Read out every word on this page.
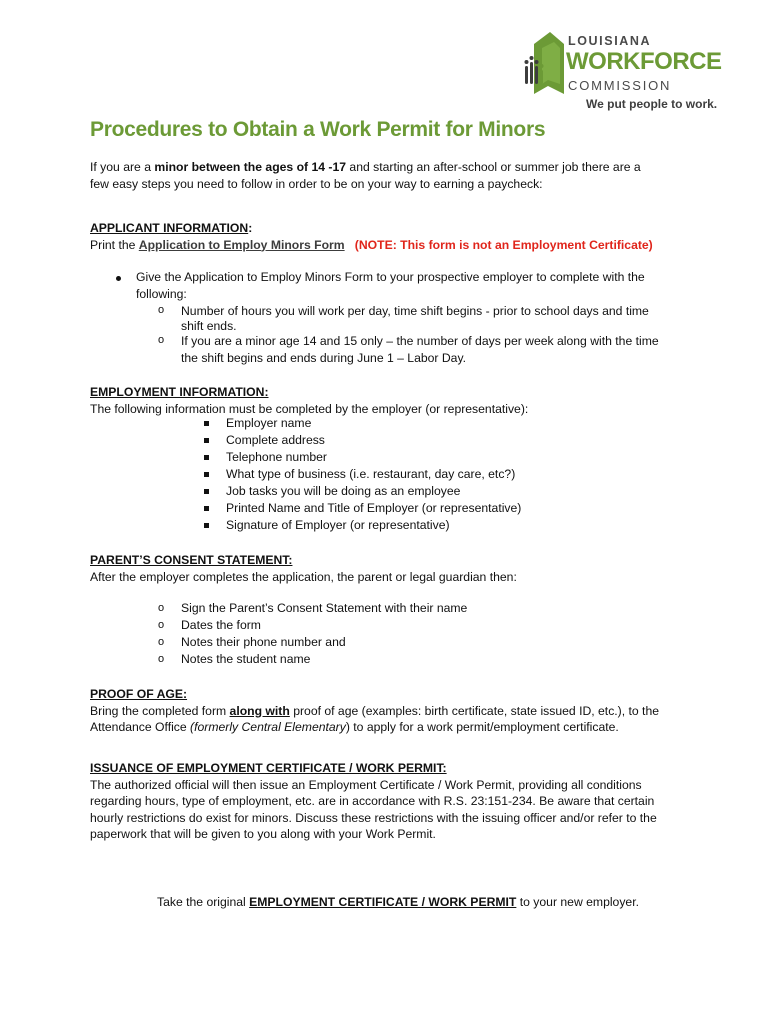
LOUISIANA
WORKFORCE
COMMISSION
We put people to work.
Procedures to Obtain a Work Permit for Minors
If you are a minor between the ages of 14 -17 and starting an after-school or summer job there are a
few easy steps you need to follow in order to be on your way to earning a paycheck:
APPLICANT INFORMATION:
Print the Application to Employ Minors Form (NOTE: This form is not an Employment Certificate)
Give the Application to Employ Minors Form to your prospective employer to complete with the
following:
o Number of hours you will work per day, time shift begins - prior to school days and time
shift ends.
o If you are a minor age 14 and 15 only – the number of days per week along with the time
the shift begins and ends during June 1 – Labor Day.
EMPLOYMENT INFORMATION:
The following information must be completed by the employer (or representative):
Employer name
Complete address
Telephone number
What type of business (i.e. restaurant, day care, etc?)
Job tasks you will be doing as an employee
Printed Name and Title of Employer (or representative)
Signature of Employer (or representative)
PARENT’S CONSENT STATEMENT:
After the employer completes the application, the parent or legal guardian then:
o Sign the Parent’s Consent Statement with their name
o Dates the form
o Notes their phone number and
o Notes the student name
PROOF OF AGE:
Bring the completed form along with proof of age (examples: birth certificate, state issued ID, etc.), to the
Attendance Office (formerly Central Elementary) to apply for a work permit/employment certificate.
ISSUANCE OF EMPLOYMENT CERTIFICATE / WORK PERMIT:
The authorized official will then issue an Employment Certificate / Work Permit, providing all conditions
regarding hours, type of employment, etc. are in accordance with R.S. 23:151-234. Be aware that certain
hourly restrictions do exist for minors. Discuss these restrictions with the issuing officer and/or refer to the
paperwork that will be given to you along with your Work Permit.
Take the original EMPLOYMENT CERTIFICATE / WORK PERMIT to your new employer.
